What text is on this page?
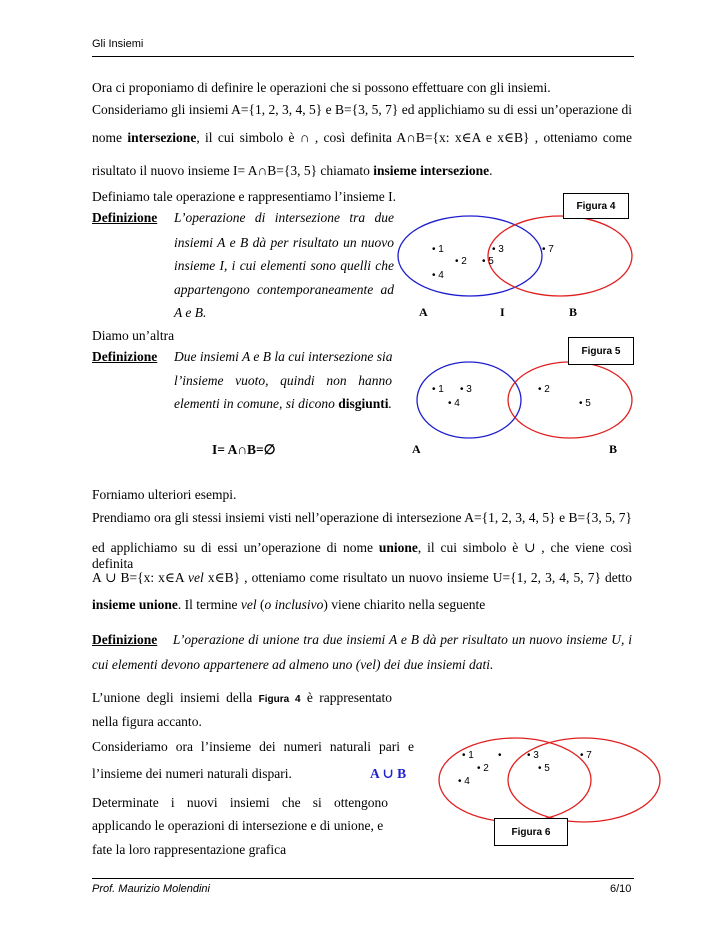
Gli Insiemi
Ora ci proponiamo di definire le operazioni che si possono effettuare con gli insiemi.
Consideriamo gli insiemi A={1, 2, 3, 4, 5} e B={3, 5, 7} ed applichiamo su di essi un’operazione di
nome intersezione, il cui simbolo è ∩ , così definita A∩B={x: x∈A e x∈B} , otteniamo come
risultato il nuovo insieme I= A∩B={3, 5} chiamato insieme intersezione.
Definiamo tale operazione e rappresentiamo l’insieme I.
Definizione L’operazione di intersezione tra due
insiemi A e B dà per risultato un nuovo
insieme I, i cui elementi sono quelli che
appartengono contemporaneamente ad
A e B.
Diamo un’altra
Definizione Due insiemi A e B la cui intersezione sia
l’insieme vuoto, quindi non hanno
elementi in comune, si dicono disgiunti.
I= A∩B=∅
Forniamo ulteriori esempi.
Prendiamo ora gli stessi insiemi visti nell’operazione di intersezione A={1, 2, 3, 4, 5} e B={3, 5, 7}
ed applichiamo su di essi un’operazione di nome unione, il cui simbolo è ∪ , che viene così definita
A ∪ B={x: x∈A vel x∈B} , otteniamo come risultato un nuovo insieme U={1, 2, 3, 4, 5, 7} detto
insieme unione. Il termine vel (o inclusivo) viene chiarito nella seguente
Definizione L’operazione di unione tra due insiemi A e B dà per risultato un nuovo insieme U, i
cui elementi devono appartenere ad almeno uno (vel) dei due insiemi dati.
L’unione degli insiemi della Figura 4 è rappresentato
nella figura accanto.
Consideriamo ora l’insieme dei numeri naturali pari e
l’insieme dei numeri naturali dispari.	A ∪ B
Determinate i nuovi insiemi che si ottengono
applicando le operazioni di intersezione e di unione, e
fate la loro rappresentazione grafica
• 1	• 3	• 7
• 2 • 5
• 4
A	I	B
• 1 • 3
• 4
• 2
• 5
A	B
• 1 •	• 3	• 7
• 2	• 5
• 4
Figura 4
Figura 5
Figura 6
Prof. Maurizio Molendini	6/10
